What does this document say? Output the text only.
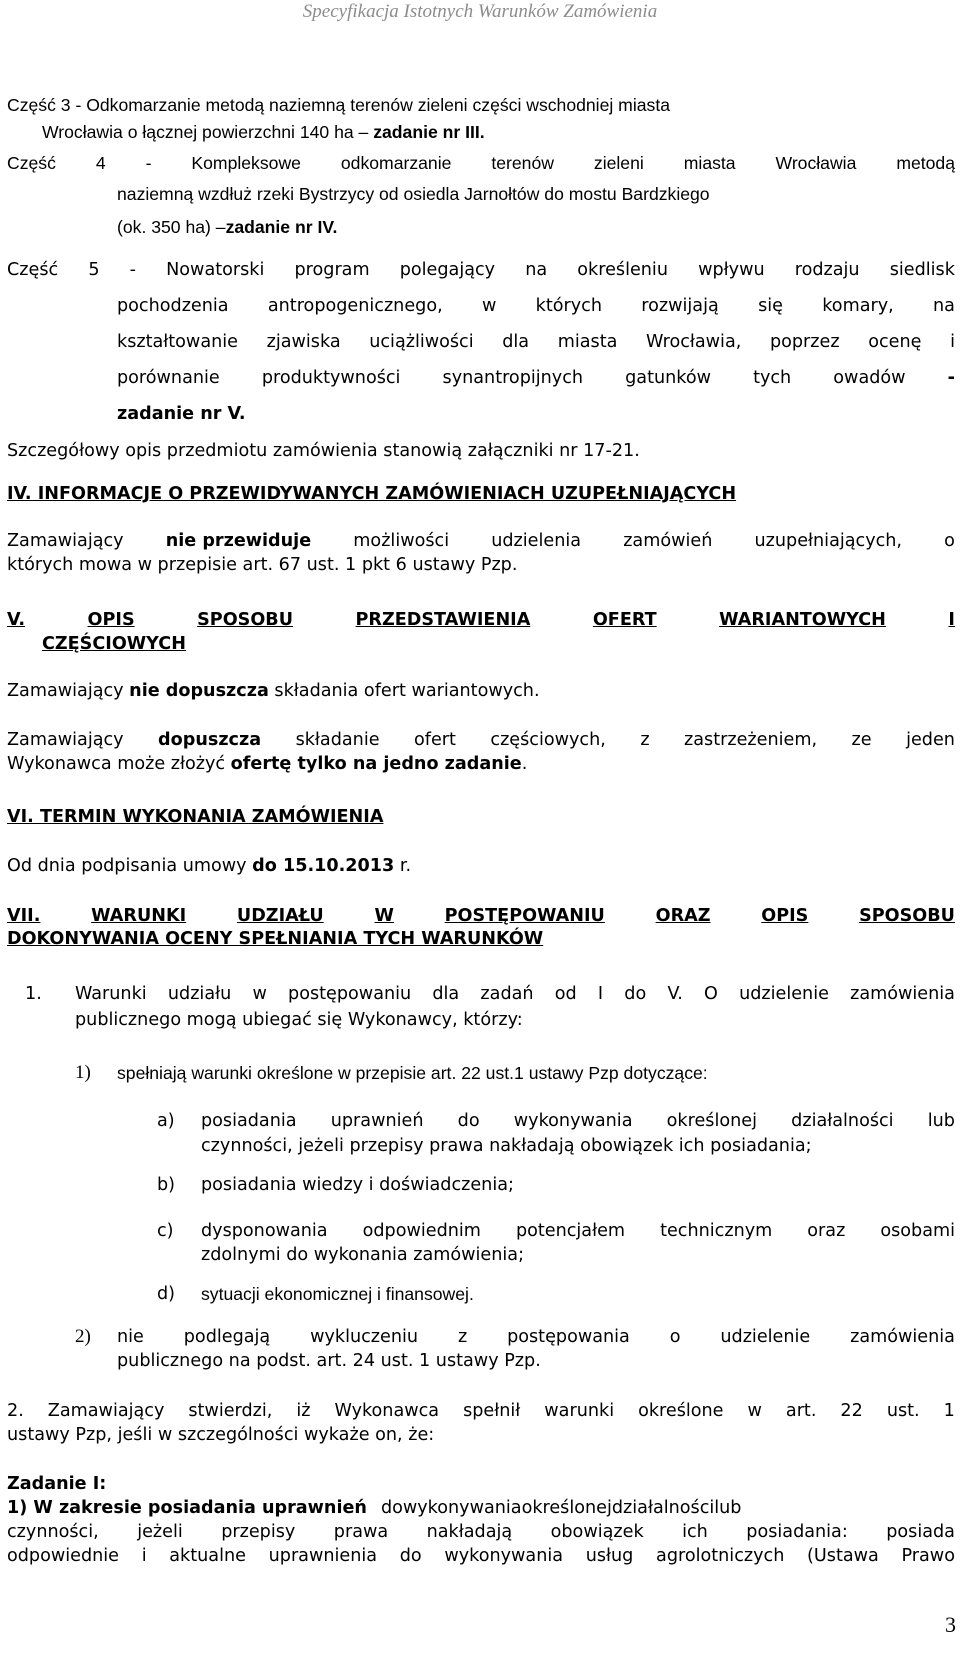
Specyfikacja Istotnych Warunków Zamówienia
Część 3 - Odkomarzanie metodą naziemną terenów zieleni części wschodniej miasta
Wrocławia o łącznej powierzchni 140 ha – zadanie nr III.
Część 4 - Kompleksowe odkomarzanie terenów zieleni miasta Wrocławia metodą
naziemną wzdłuż rzeki Bystrzycy od osiedla Jarnołtów do mostu Bardzkiego
(ok. 350 ha) –zadanie nr IV.
Część 5 - Nowatorski program polegający na określeniu wpływu rodzaju siedlisk
pochodzenia antropogenicznego, w których rozwijają się komary, na
kształtowanie zjawiska uciążliwości dla miasta Wrocławia, poprzez ocenę i
porównanie produktywności synantropijnych gatunków tych owadów -
zadanie nr V.
Szczegółowy opis przedmiotu zamówienia stanowią załączniki nr 17-21.
IV. INFORMACJE O PRZEWIDYWANYCH ZAMÓWIENIACH UZUPEŁNIAJĄCYCH
Zamawiający nie przewiduje możliwości udzielenia zamówień uzupełniających, o
których mowa w przepisie art. 67 ust. 1 pkt 6 ustawy Pzp.
V.	OPIS	SPOSOBU	PRZEDSTAWIENIA	OFERT	WARIANTOWYCH	I
CZĘŚCIOWYCH
Zamawiający nie dopuszcza składania ofert wariantowych.
Zamawiający dopuszcza składanie ofert częściowych, z zastrzeżeniem, ze jeden
Wykonawca może złożyć ofertę tylko na jedno zadanie.
VI. TERMIN WYKONANIA ZAMÓWIENIA
Od dnia podpisania umowy do 15.10.2013 r.
VII.	WARUNKI	UDZIAŁU	W	POSTĘPOWANIU	ORAZ	OPIS	SPOSOBU
DOKONYWANIA OCENY SPEŁNIANIA TYCH WARUNKÓW
1. Warunki udziału w postępowaniu dla zadań od I do V. O udzielenie zamówienia
publicznego mogą ubiegać się Wykonawcy, którzy:
1) spełniają warunki określone w przepisie art. 22 ust.1 ustawy Pzp dotyczące:
a) posiadania uprawnień do wykonywania określonej działalności lub
czynności, jeżeli przepisy prawa nakładają obowiązek ich posiadania;
b) posiadania wiedzy i doświadczenia;
c) dysponowania odpowiednim potencjałem technicznym oraz osobami
zdolnymi do wykonania zamówienia;
d) sytuacji ekonomicznej i finansowej.
2) nie podlegają wykluczeniu z postępowania o udzielenie zamówienia
publicznego na podst. art. 24 ust. 1 ustawy Pzp.
2. Zamawiający stwierdzi, iż Wykonawca spełnił warunki określone w art. 22 ust. 1
ustawy Pzp, jeśli w szczególności wykaże on, że:
Zadanie I:
1) W zakresie posiadania uprawnień dowykonywaniaokreślonejdziałalnościlub
czynności, jeżeli przepisy prawa nakładają obowiązek ich posiadania: posiada
odpowiednie i aktualne uprawnienia do wykonywania usług agrolotniczych (Ustawa Prawo
3
